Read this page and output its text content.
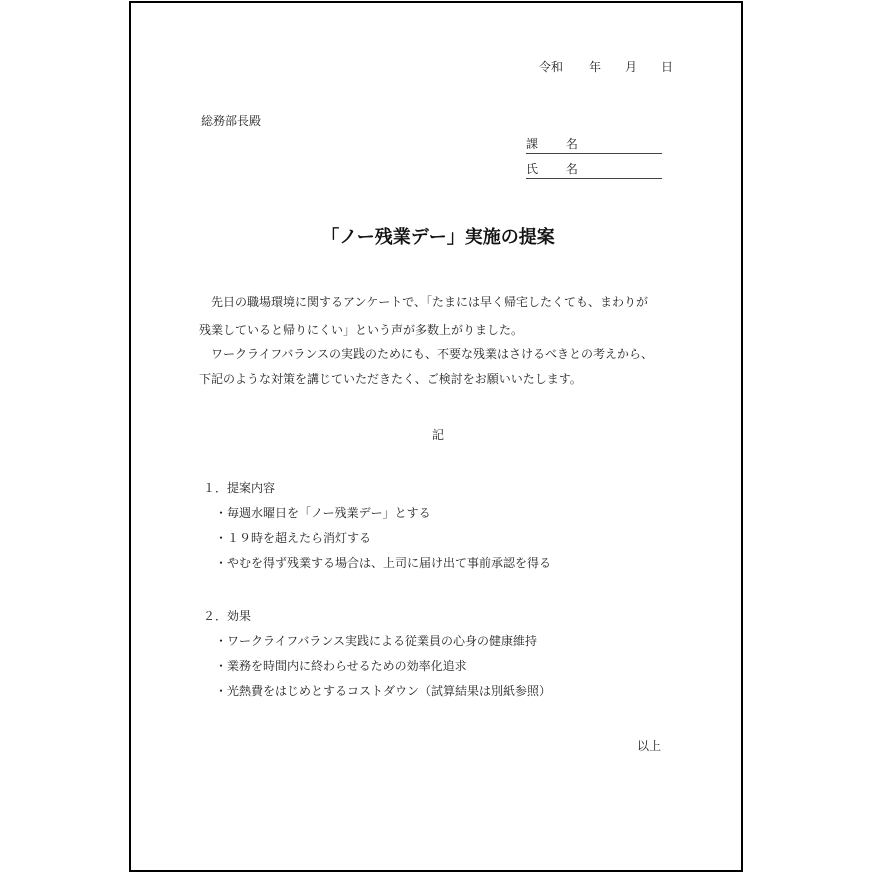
令和 年 月 日
総務部長殿
課 名
氏 名
「ノー残業デー」実施の提案
　先日の職場環境に関するアンケートで、「たまには早く帰宅したくても、まわりが
残業していると帰りにくい」という声が多数上がりました。
　ワークライフバランスの実践のためにも、不要な残業はさけるべきとの考えから、
下記のような対策を講じていただきたく、ご検討をお願いいたします。
記
１．提案内容
・毎週水曜日を「ノー残業デー」とする
・１９時を超えたら消灯する
・やむを得ず残業する場合は、上司に届け出て事前承認を得る
２．効果
・ワークライフバランス実践による従業員の心身の健康維持
・業務を時間内に終わらせるための効率化追求
・光熱費をはじめとするコストダウン（試算結果は別紙参照）
以上
